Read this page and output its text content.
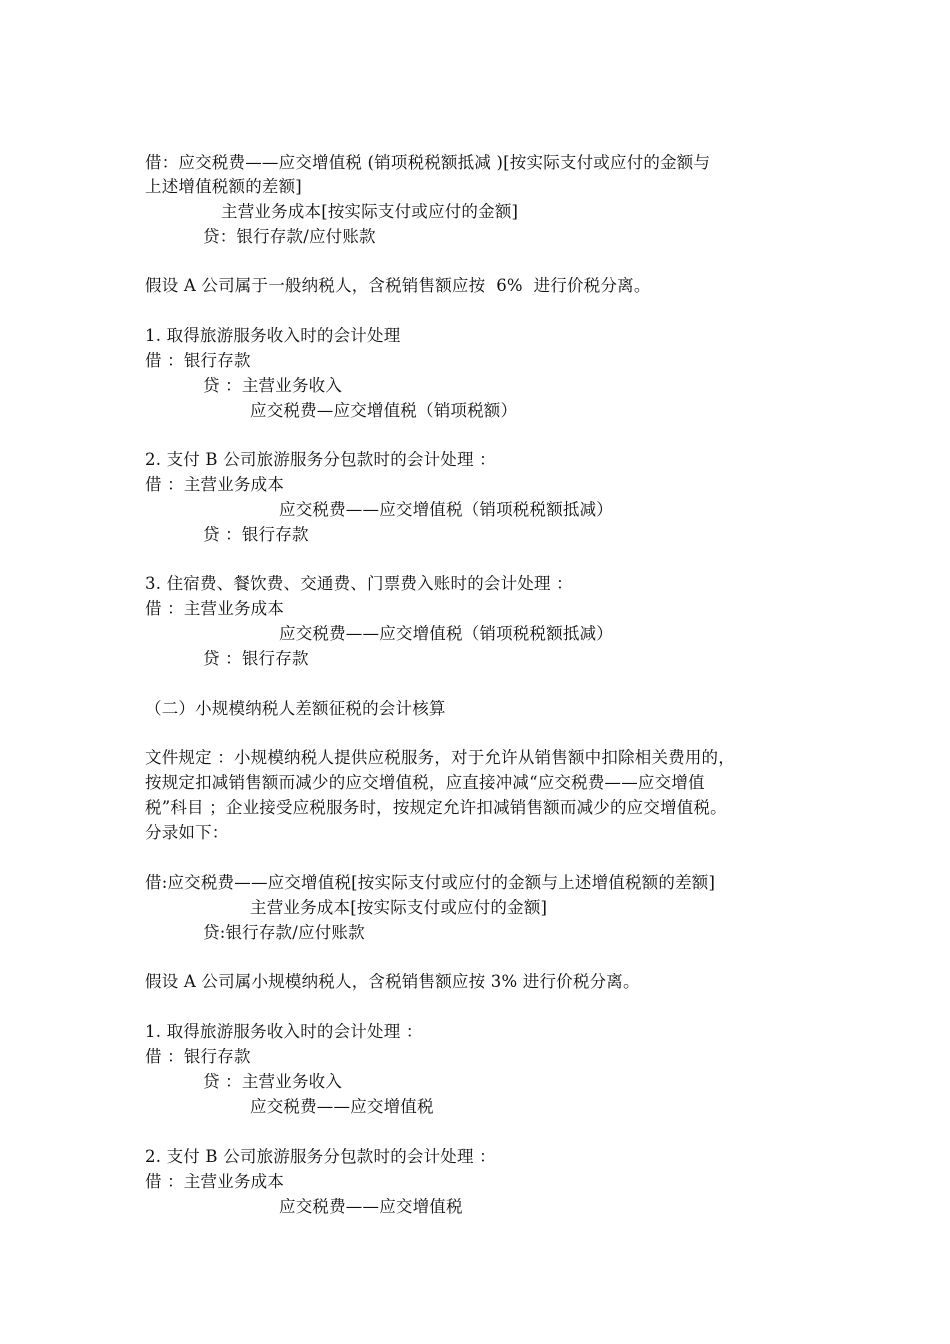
借：应交税费——应交增值税 (销项税税额抵减 )[按实际支付或应付的金额与
上述增值税额的差额]
主营业务成本[按实际支付或应付的金额]
贷：银行存款/应付账款
假设 A 公司属于一般纳税人，含税销售额应按  6%  进行价税分离。
1. 取得旅游服务收入时的会计处理
借 ：银行存款
贷 ：主营业务收入
应交税费—应交增值税（销项税额）
2. 支付 B 公司旅游服务分包款时的会计处理 ：
借 ：主营业务成本
应交税费——应交增值税（销项税税额抵减）
贷 ：银行存款
3. 住宿费、餐饮费、交通费、门票费入账时的会计处理 ：
借 ：主营业务成本
应交税费——应交增值税（销项税税额抵减）
贷 ：银行存款
（二）小规模纳税人差额征税的会计核算
文件规定 ：小规模纳税人提供应税服务，对于允许从销售额中扣除相关费用的，
按规定扣减销售额而减少的应交增值税，应直接冲减“应交税费——应交增值
税”科目 ；企业接受应税服务时，按规定允许扣减销售额而减少的应交增值税。
分录如下：
借:应交税费——应交增值税[按实际支付或应付的金额与上述增值税额的差额]
主营业务成本[按实际支付或应付的金额]
贷:银行存款/应付账款
假设 A 公司属小规模纳税人，含税销售额应按 3% 进行价税分离。
1. 取得旅游服务收入时的会计处理 ：
借 ：银行存款
贷 ：主营业务收入
应交税费——应交增值税
2. 支付 B 公司旅游服务分包款时的会计处理 ：
借 ：主营业务成本
应交税费——应交增值税
